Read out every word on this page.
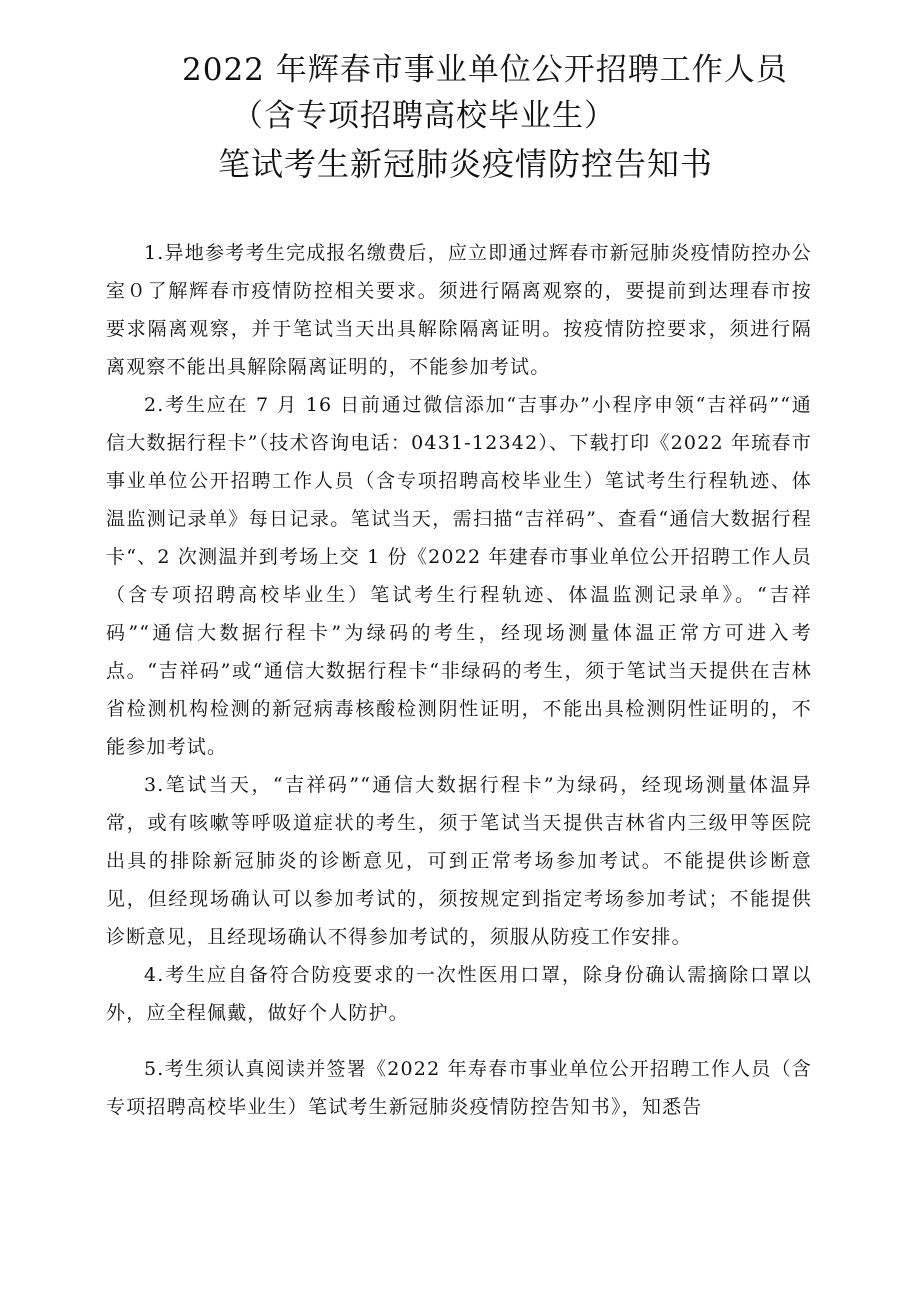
2022 年辉春市事业单位公开招聘工作人员
（含专项招聘高校毕业生）
笔试考生新冠肺炎疫情防控告知书

1.异地参考考生完成报名缴费后，应立即通过辉春市新冠肺炎疫情防控办公室０了解辉春市疫情防控相关要求。须进行隔离观察的，要提前到达理春市按要求隔离观察，并于笔试当天出具解除隔离证明。按疫情防控要求，须进行隔离观察不能出具解除隔离证明的，不能参加考试。

2.考生应在 7 月 16 日前通过微信添加“吉事办”小程序申领“吉祥码”“通信大数据行程卡”（技术咨询电话：0431-12342）、下载打印《2022 年琉春市事业单位公开招聘工作人员（含专项招聘高校毕业生）笔试考生行程轨迹、体温监测记录单》每日记录。笔试当天，需扫描“吉祥码”、查看“通信大数据行程卡“、2 次测温并到考场上交 1 份《2022 年建春市事业单位公开招聘工作人员（含专项招聘高校毕业生）笔试考生行程轨迹、体温监测记录单》。“吉祥码”“通信大数据行程卡”为绿码的考生，经现场测量体温正常方可进入考点。“吉祥码”或“通信大数据行程卡“非绿码的考生，须于笔试当天提供在吉林省检测机构检测的新冠病毒核酸检测阴性证明，不能出具检测阴性证明的，不能参加考试。

3.笔试当天，“吉祥码”“通信大数据行程卡”为绿码，经现场测量体温异常，或有咳嗽等呼吸道症状的考生，须于笔试当天提供吉林省内三级甲等医院出具的排除新冠肺炎的诊断意见，可到正常考场参加考试。不能提供诊断意见，但经现场确认可以参加考试的，须按规定到指定考场参加考试；不能提供诊断意见，且经现场确认不得参加考试的，须服从防疫工作安排。

4.考生应自备符合防疫要求的一次性医用口罩，除身份确认需摘除口罩以外，应全程佩戴，做好个人防护。

5.考生须认真阅读并签署《2022 年寿春市事业单位公开招聘工作人员（含专项招聘高校毕业生）笔试考生新冠肺炎疫情防控告知书》，知悉告
